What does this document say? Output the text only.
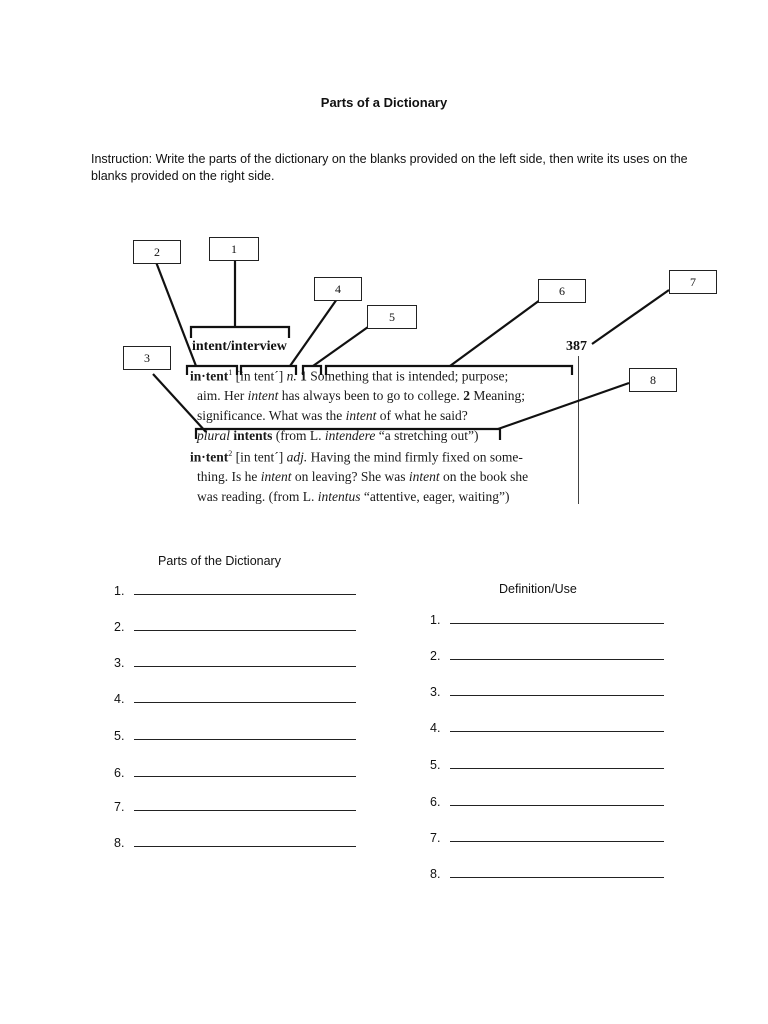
Parts of a Dictionary
Instruction: Write the parts of the dictionary on the blanks provided on the left side, then write its uses on the blanks provided on the right side.
intent/interview	387
in·tent$^1$ [in tent´] n. 1 Something that is intended; purpose;
aim. Her intent has always been to go to college. 2 Meaning;
significance. What was the intent of what he said?
plural intents (from L. intendere “a stretching out”)
in·tent$^2$ [in tent´] adj. Having the mind firmly fixed on some-
thing. Is he intent on leaving? She was intent on the book she
was reading. (from L. intentus “attentive, eager, waiting”)
2	1
4
5
6
7
3
8
Parts of the Dictionary
1.
2.
3.
4.
5.
6.
7.
8.
Definition/Use
1.
2.
3.
4.
5.
6.
7.
8.
